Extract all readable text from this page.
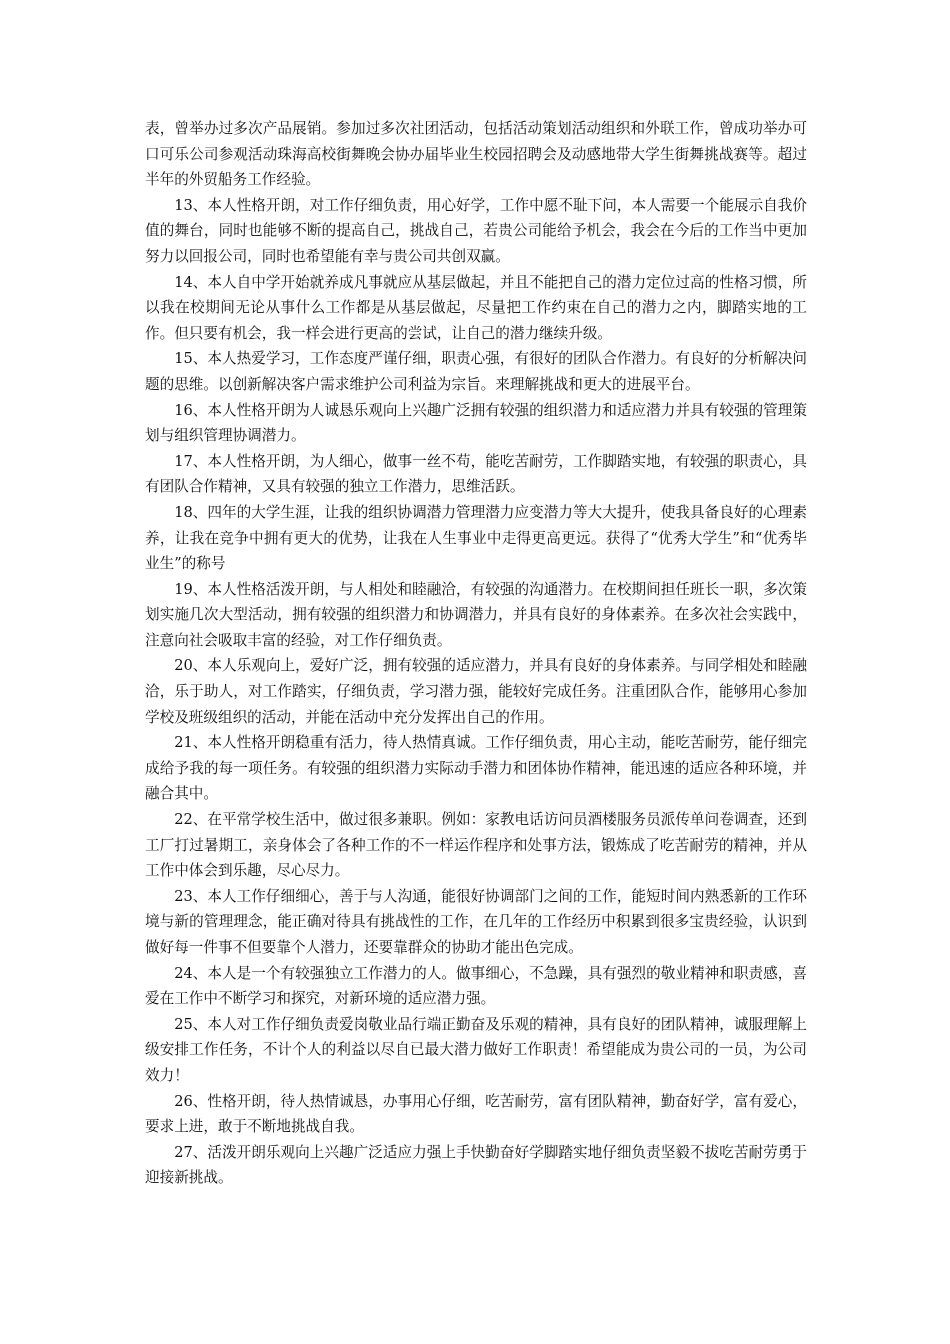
表，曾举办过多次产品展销。参加过多次社团活动，包括活动策划活动组织和外联工作，曾成功举办可口可乐公司参观活动珠海高校街舞晚会协办届毕业生校园招聘会及动感地带大学生街舞挑战赛等。超过半年的外贸船务工作经验。

13、本人性格开朗，对工作仔细负责，用心好学，工作中愿不耻下问，本人需要一个能展示自我价值的舞台，同时也能够不断的提高自己，挑战自己，若贵公司能给予机会，我会在今后的工作当中更加努力以回报公司，同时也希望能有幸与贵公司共创双赢。

14、本人自中学开始就养成凡事就应从基层做起，并且不能把自己的潜力定位过高的性格习惯，所以我在校期间无论从事什么工作都是从基层做起，尽量把工作约束在自己的潜力之内，脚踏实地的工作。但只要有机会，我一样会进行更高的尝试，让自己的潜力继续升级。

15、本人热爱学习，工作态度严谨仔细，职责心强，有很好的团队合作潜力。有良好的分析解决问题的思维。以创新解决客户需求维护公司利益为宗旨。来理解挑战和更大的进展平台。

16、本人性格开朗为人诚恳乐观向上兴趣广泛拥有较强的组织潜力和适应潜力并具有较强的管理策划与组织管理协调潜力。

17、本人性格开朗，为人细心，做事一丝不苟，能吃苦耐劳，工作脚踏实地，有较强的职责心，具有团队合作精神，又具有较强的独立工作潜力，思维活跃。

18、四年的大学生涯，让我的组织协调潜力管理潜力应变潜力等大大提升，使我具备良好的心理素养，让我在竞争中拥有更大的优势，让我在人生事业中走得更高更远。获得了“优秀大学生”和“优秀毕业生”的称号

19、本人性格活泼开朗，与人相处和睦融洽，有较强的沟通潜力。在校期间担任班长一职，多次策划实施几次大型活动，拥有较强的组织潜力和协调潜力，并具有良好的身体素养。在多次社会实践中，注意向社会吸取丰富的经验，对工作仔细负责。

20、本人乐观向上，爱好广泛，拥有较强的适应潜力，并具有良好的身体素养。与同学相处和睦融洽，乐于助人，对工作踏实，仔细负责，学习潜力强，能较好完成任务。注重团队合作，能够用心参加学校及班级组织的活动，并能在活动中充分发挥出自己的作用。

21、本人性格开朗稳重有活力，待人热情真诚。工作仔细负责，用心主动，能吃苦耐劳，能仔细完成给予我的每一项任务。有较强的组织潜力实际动手潜力和团体协作精神，能迅速的适应各种环境，并融合其中。

22、在平常学校生活中，做过很多兼职。例如：家教电话访问员酒楼服务员派传单问卷调查，还到工厂打过暑期工，亲身体会了各种工作的不一样运作程序和处事方法，锻炼成了吃苦耐劳的精神，并从工作中体会到乐趣，尽心尽力。

23、本人工作仔细细心，善于与人沟通，能很好协调部门之间的工作，能短时间内熟悉新的工作环境与新的管理理念，能正确对待具有挑战性的工作，在几年的工作经历中积累到很多宝贵经验，认识到做好每一件事不但要靠个人潜力，还要靠群众的协助才能出色完成。

24、本人是一个有较强独立工作潜力的人。做事细心，不急躁，具有强烈的敬业精神和职责感，喜爱在工作中不断学习和探究，对新环境的适应潜力强。

25、本人对工作仔细负责爱岗敬业品行端正勤奋及乐观的精神，具有良好的团队精神，诚服理解上级安排工作任务，不计个人的利益以尽自已最大潜力做好工作职责！希望能成为贵公司的一员，为公司效力！

26、性格开朗，待人热情诚恳，办事用心仔细，吃苦耐劳，富有团队精神，勤奋好学，富有爱心，要求上进，敢于不断地挑战自我。

27、活泼开朗乐观向上兴趣广泛适应力强上手快勤奋好学脚踏实地仔细负责坚毅不拔吃苦耐劳勇于迎接新挑战。
